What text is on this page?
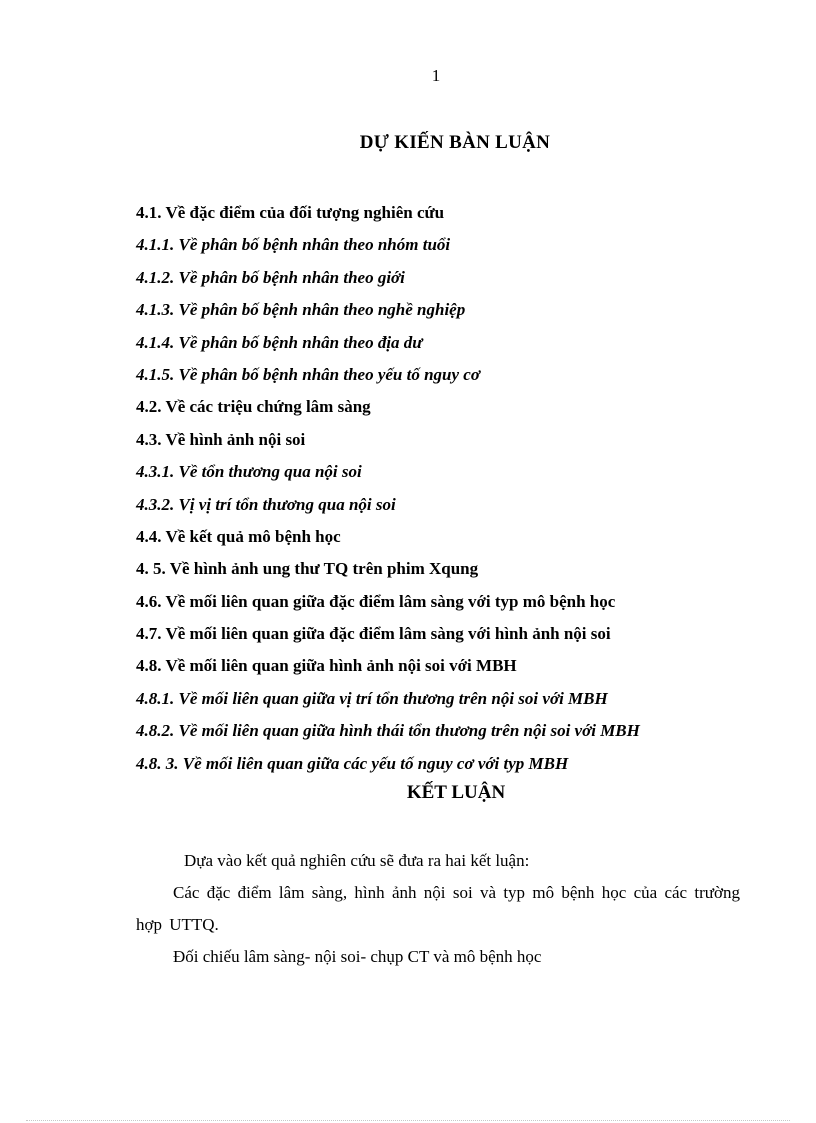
1
DỰ KIẾN BÀN LUẬN
4.1. Về đặc điểm của đối tượng nghiên cứu
4.1.1. Về phân bố bệnh nhân theo nhóm tuổi
4.1.2. Về phân bố bệnh nhân theo giới
4.1.3. Về phân bố bệnh nhân theo nghề nghiệp
4.1.4. Về phân bố bệnh nhân theo địa dư
4.1.5. Về phân bố bệnh nhân theo yếu tố nguy cơ
4.2. Về các triệu chứng lâm sàng
4.3. Về hình ảnh nội soi
4.3.1. Về tổn thương qua nội soi
4.3.2. Vị vị trí tổn thương qua nội soi
4.4. Về kết quả mô bệnh học
4. 5. Về hình ảnh ung thư TQ trên phim Xqung
4.6. Về mối liên quan giữa đặc điểm lâm sàng với typ mô bệnh học
4.7. Về mối liên quan giữa đặc điểm lâm sàng với hình ảnh nội soi
4.8. Về mối liên quan giữa hình ảnh nội soi với MBH
4.8.1. Về mối liên quan giữa vị trí tổn thương trên nội soi với MBH
4.8.2. Về mối liên quan giữa hình thái tổn thương trên nội soi với MBH
4.8. 3. Về mối liên quan giữa các yếu tố nguy cơ với typ MBH
KẾT LUẬN
Dựa vào kết quả nghiên cứu sẽ đưa ra hai kết luận:
Các đặc điểm lâm sàng, hình ảnh nội soi và typ mô bệnh học của các trường hợp UTTQ.
Đối chiếu lâm sàng- nội soi- chụp CT và mô bệnh học
